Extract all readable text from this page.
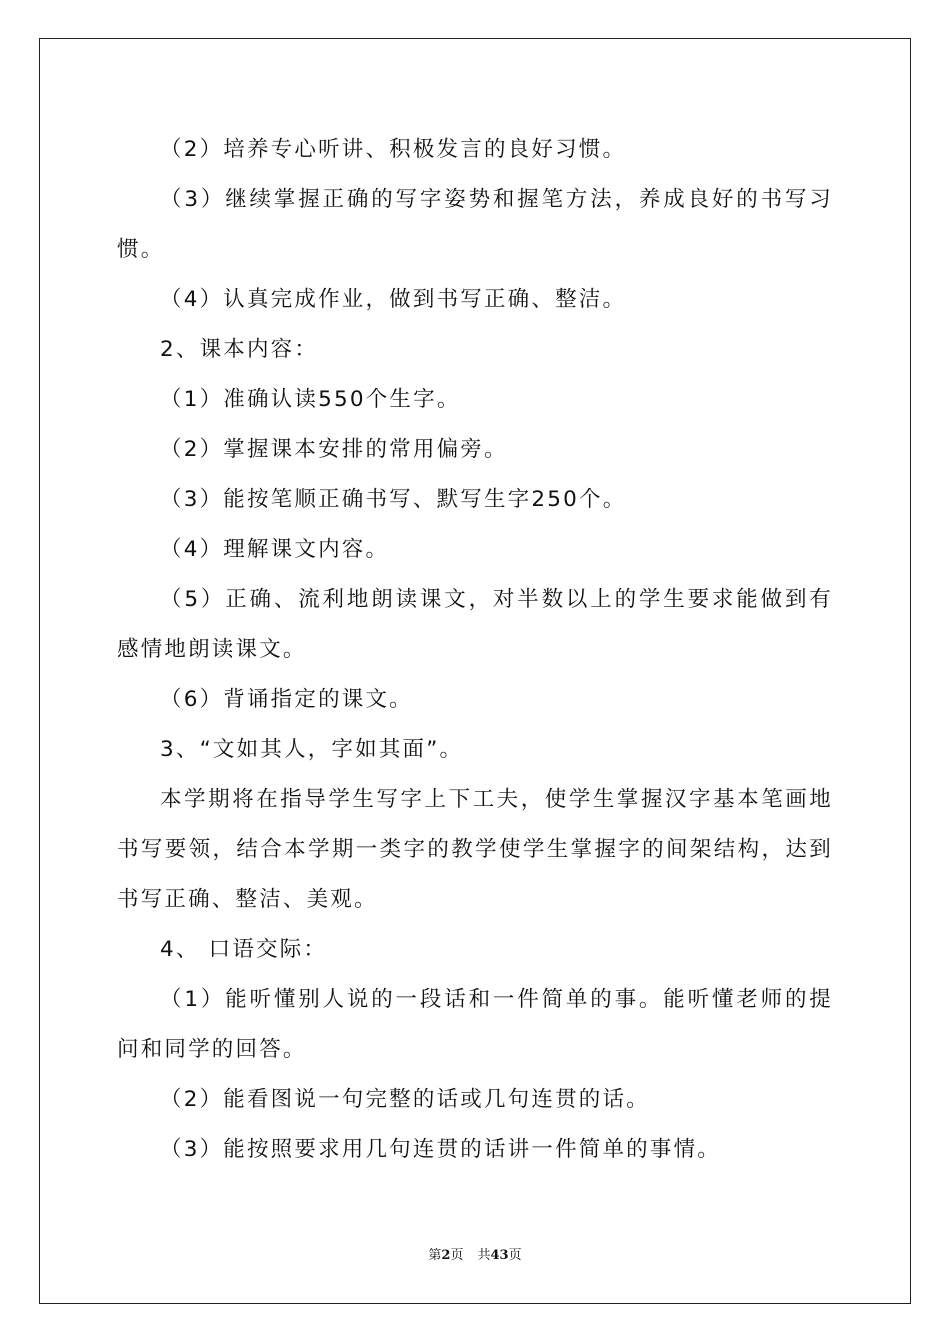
（2）培养专心听讲、积极发言的良好习惯。

（3）继续掌握正确的写字姿势和握笔方法，养成良好的书写习惯。

（4）认真完成作业，做到书写正确、整洁。

2、课本内容：

（1）准确认读550个生字。

（2）掌握课本安排的常用偏旁。

（3）能按笔顺正确书写、默写生字250个。

（4）理解课文内容。

（5）正确、流利地朗读课文，对半数以上的学生要求能做到有感情地朗读课文。

（6）背诵指定的课文。

3、“文如其人，字如其面”。

本学期将在指导学生写字上下工夫，使学生掌握汉字基本笔画地书写要领，结合本学期一类字的教学使学生掌握字的间架结构，达到书写正确、整洁、美观。

4、 口语交际：

（1）能听懂别人说的一段话和一件简单的事。能听懂老师的提问和同学的回答。

（2）能看图说一句完整的话或几句连贯的话。

（3）能按照要求用几句连贯的话讲一件简单的事情。

第2页 共43页
